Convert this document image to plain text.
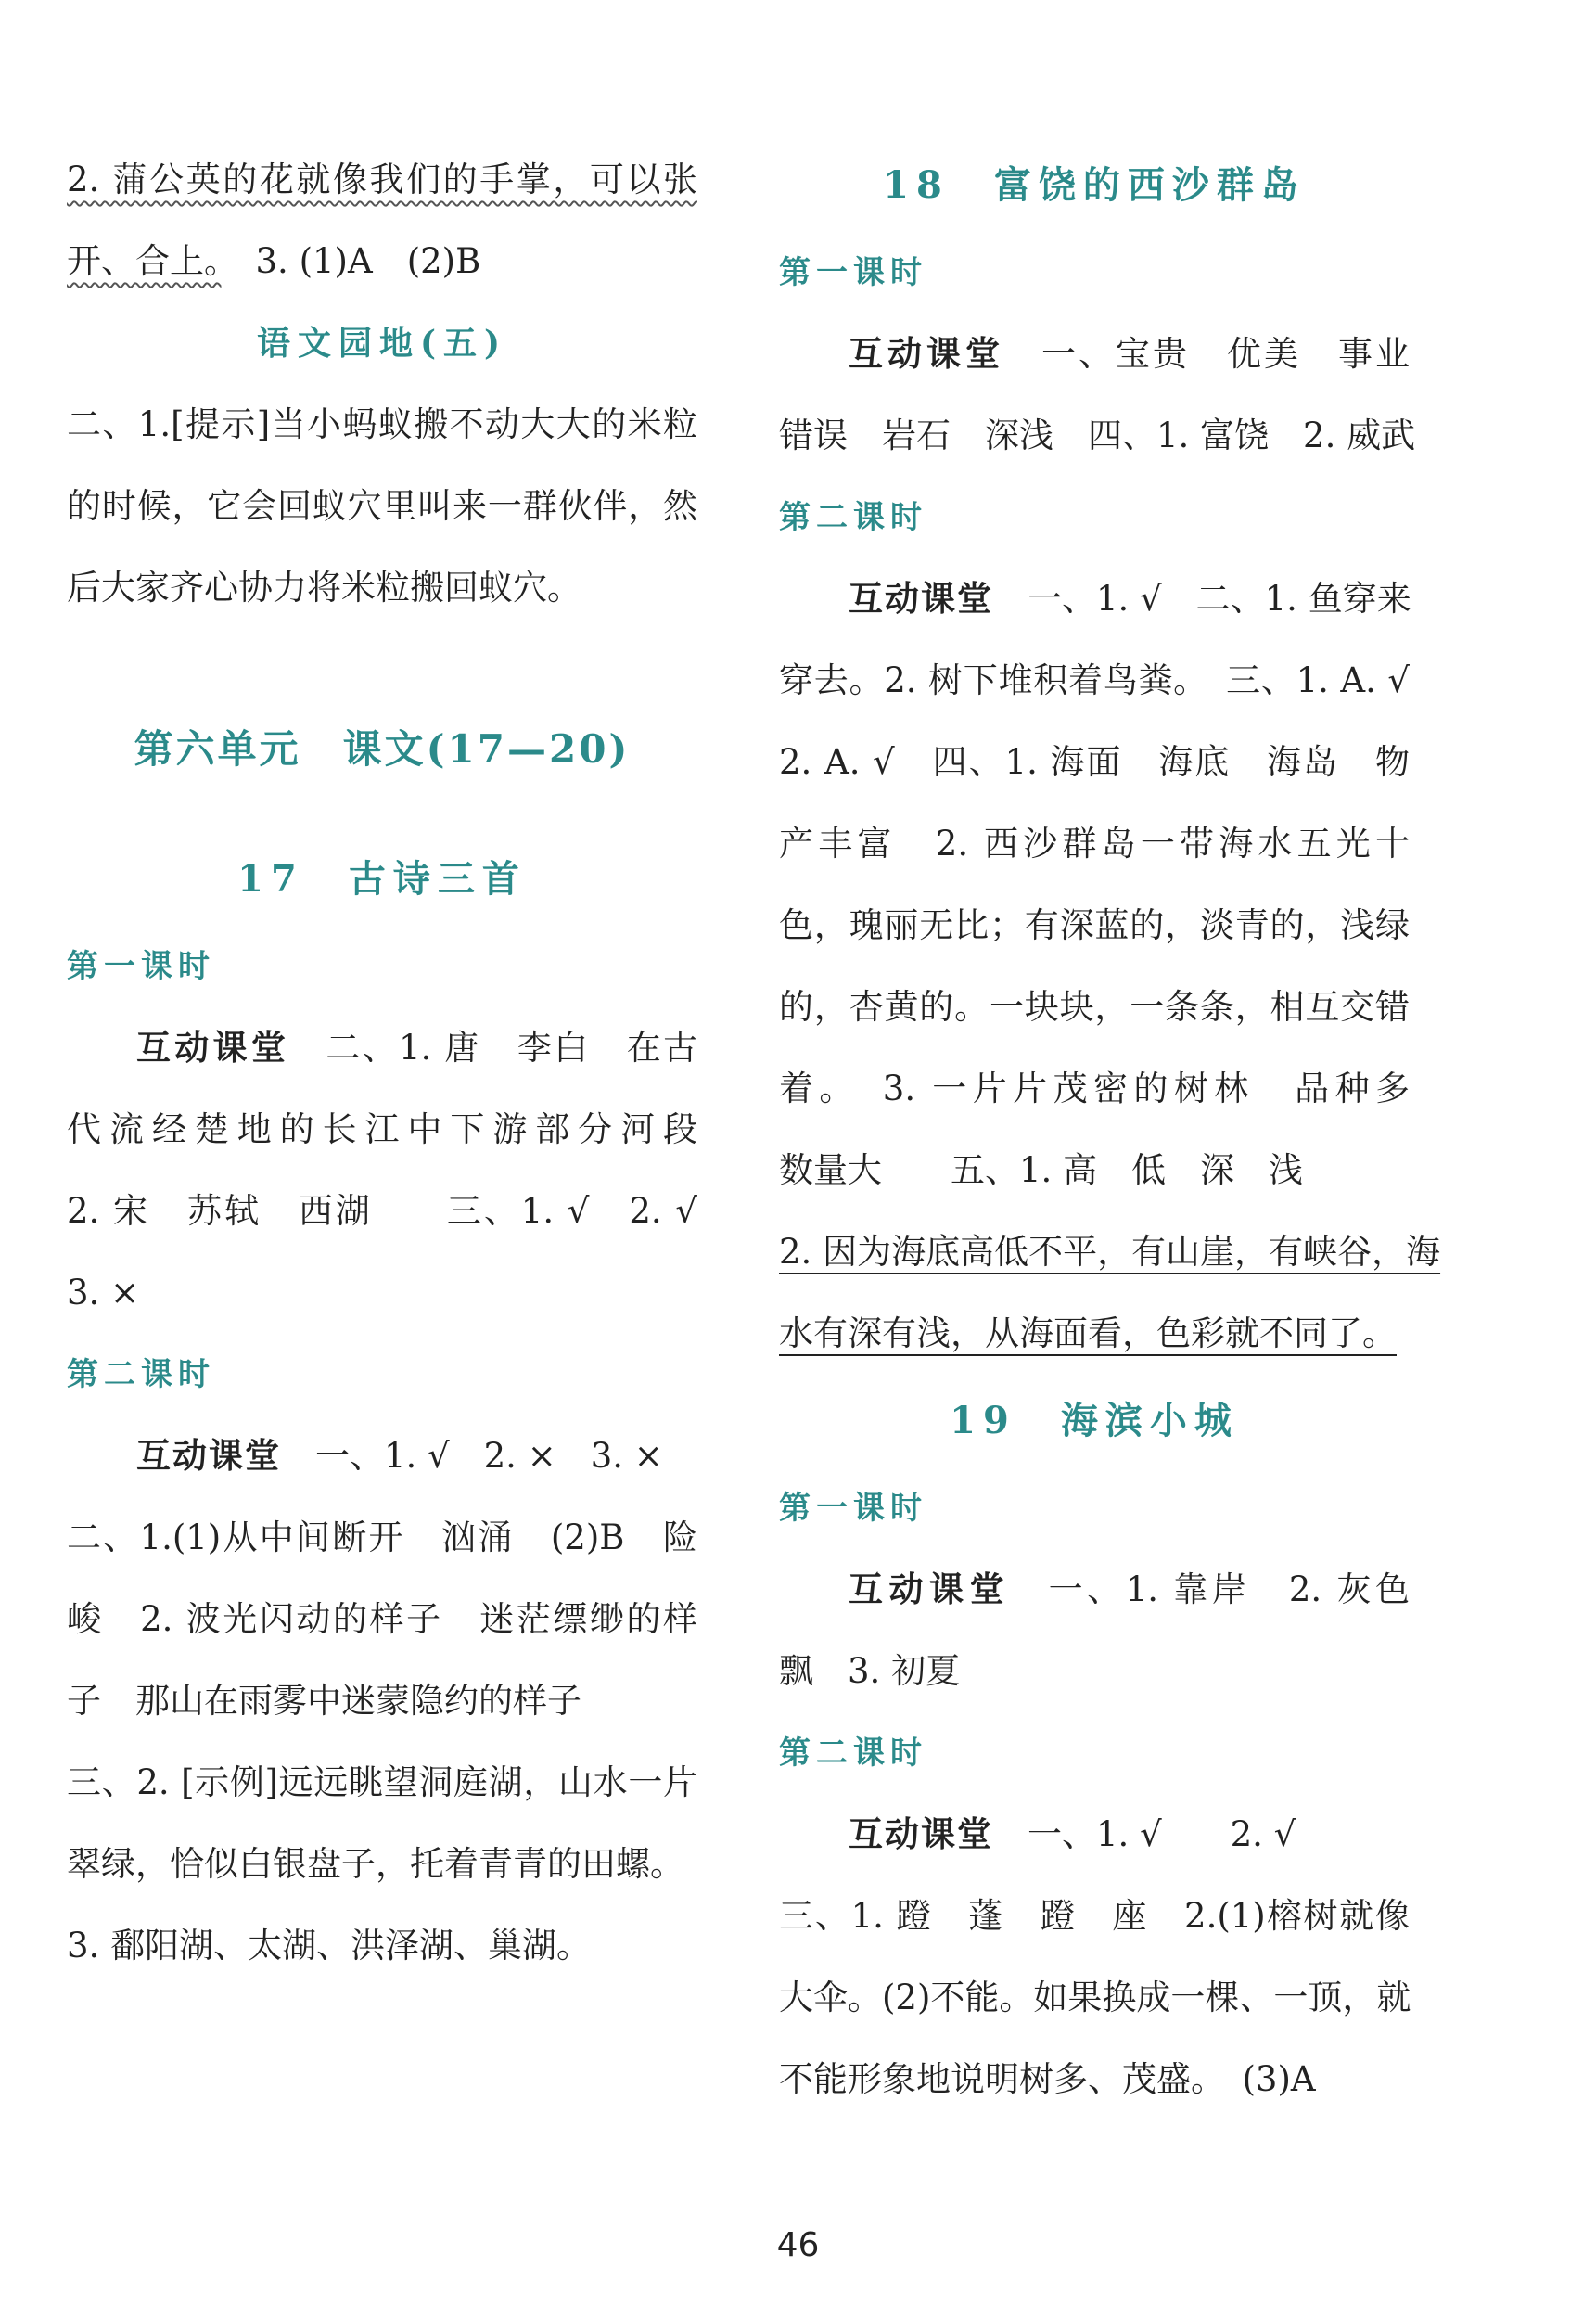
2. 蒲公英的花就像我们的手掌，可以张

开、合上。　 3. (1)A　(2)B

语文园地(五)

二、1.[提示]当小蚂蚁搬不动大大的米粒

的时候，它会回蚁穴里叫来一群伙伴，然

后大家齐心协力将米粒搬回蚁穴。

第六单元　课文(17—20)

17　古诗三首

第一课时

互动课堂　 二、1. 唐　李白　在古

代流经楚地的长江中下游部分河段

2. 宋　苏轼　西湖　　三、1. √　2. √

3. ×

第二课时

互动课堂　 一、1. √　2. ×　3. ×

二、1.(1)从中间断开　汹涌　(2)B　险

峻　2. 波光闪动的样子　迷茫缥缈的样

子　那山在雨雾中迷蒙隐约的样子

三、2. [示例]远远眺望洞庭湖，山水一片

翠绿，恰似白银盘子，托着青青的田螺。

3. 鄱阳湖、太湖、洪泽湖、巢湖。

18　富饶的西沙群岛

第一课时

互动课堂　 一、宝贵　优美　事业

错误　岩石　深浅　四、1. 富饶　2. 威武

第二课时

互动课堂　 一、1. √　二、1. 鱼穿来

穿去。2. 树下堆积着鸟粪。　三、1. A. √

2. A. √　四、1. 海面　海底　海岛　物

产丰富　2. 西沙群岛一带海水五光十

色，瑰丽无比；有深蓝的，淡青的，浅绿

的，杏黄的。一块块，一条条，相互交错

着。　3. 一片片茂密的树林　品种多

数量大　　五、1. 高　低　深　浅

2. 因为海底高低不平，有山崖，有峡谷，海

水有深有浅，从海面看，色彩就不同了。

19　海滨小城

第一课时

互动课堂　 一、1. 靠岸　2. 灰色

飘　3. 初夏

第二课时

互动课堂　 一、1. √　　2. √

三、1. 蹬　蓬　蹬　座　2.(1)榕树就像

大伞。(2)不能。如果换成一棵、一顶，就

不能形象地说明树多、茂盛。　(3)A

46
